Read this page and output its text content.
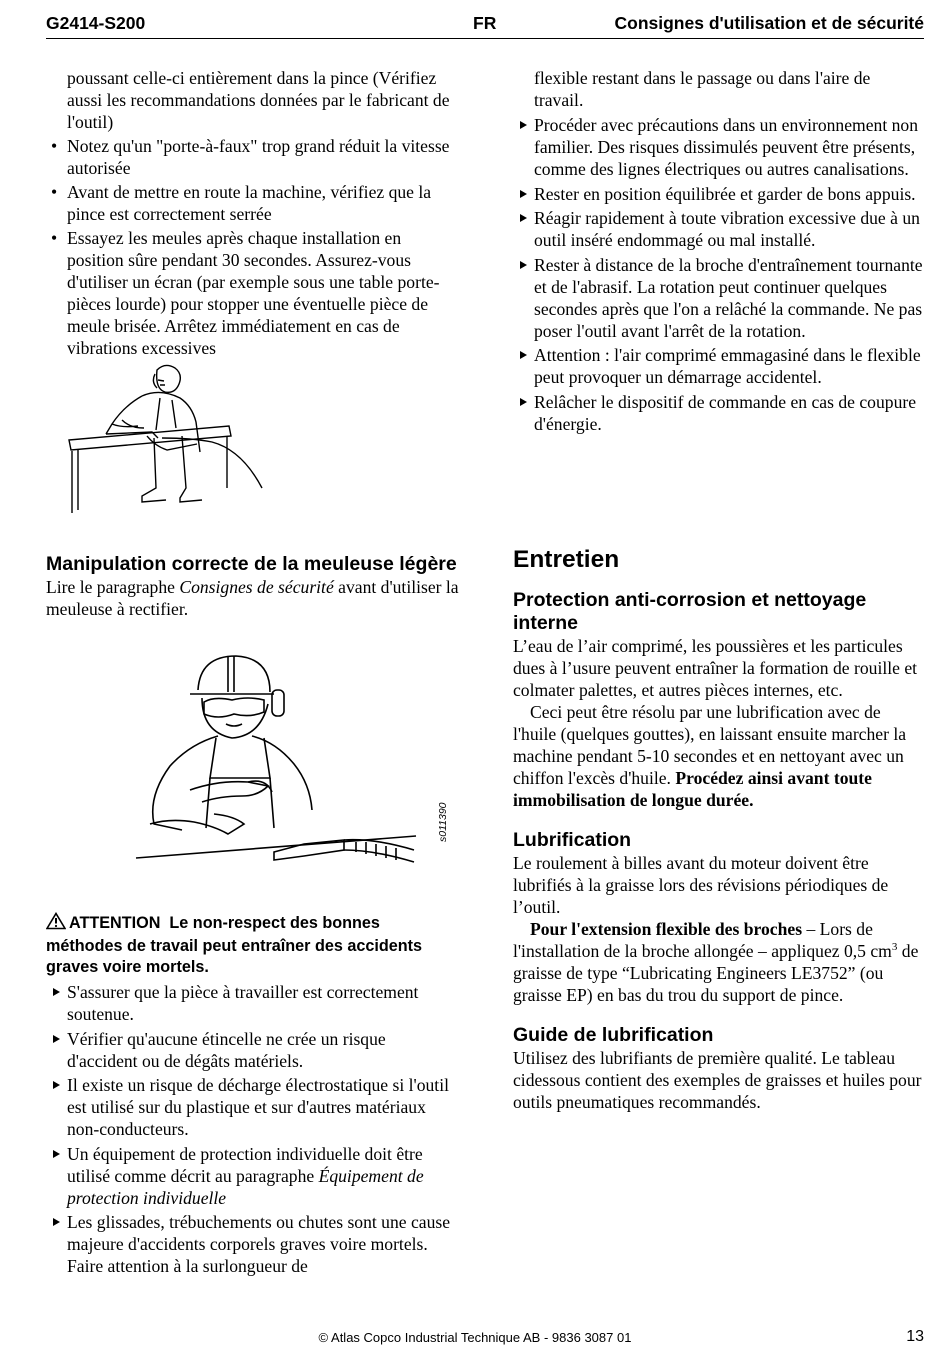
G2414-S200	FR	Consignes d'utilisation et de sécurité

poussant celle-ci entièrement dans la pince (Vérifiez aussi les recommandations données par le fabricant de l'outil)

• Notez qu'un "porte-à-faux" trop grand réduit la vitesse autorisée
• Avant de mettre en route la machine, vérifiez que la pince est correctement serrée
• Essayez les meules après chaque installation en position sûre pendant 30 secondes. Assurez-vous d'utiliser un écran (par exemple sous une table porte-pièces lourde) pour stopper une éventuelle pièce de meule brisée. Arrêtez immédiatement en cas de vibrations excessives

flexible restant dans le passage ou dans l'aire de travail.

Procéder avec précautions dans un environnement non familier. Des risques dissimulés peuvent être présents, comme des lignes électriques ou autres canalisations.
Rester en position équilibrée et garder de bons appuis.
Réagir rapidement à toute vibration excessive due à un outil inséré endommagé ou mal installé.
Rester à distance de la broche d'entraînement tournante et de l'abrasif. La rotation peut continuer quelques secondes après que l'on a relâché la commande. Ne pas poser l'outil avant l'arrêt de la rotation.
Attention : l'air comprimé emmagasiné dans le flexible peut provoquer un démarrage accidentel.
Relâcher le dispositif de commande en cas de coupure d'énergie.
Manipulation correcte de la meuleuse légère

Lire le paragraphe Consignes de sécurité avant d'utiliser la meuleuse à rectifier.

s011390

ATTENTION Le non-respect des bonnes méthodes de travail peut entraîner des accidents graves voire mortels.

S'assurer que la pièce à travailler est correctement soutenue.
Vérifier qu'aucune étincelle ne crée un risque d'accident ou de dégâts matériels.
Il existe un risque de décharge électrostatique si l'outil est utilisé sur du plastique et sur d'autres matériaux non-conducteurs.
Un équipement de protection individuelle doit être utilisé comme décrit au paragraphe Équipement de protection individuelle
Les glissades, trébuchements ou chutes sont une cause majeure d'accidents corporels graves voire mortels. Faire attention à la surlongueur de
Entretien
Protection anti-corrosion et nettoyage interne

L’eau de l’air comprimé, les poussières et les particules dues à l’usure peuvent entraîner la formation de rouille et colmater palettes, et autres pièces internes, etc.

Ceci peut être résolu par une lubrification avec de l'huile (quelques gouttes), en laissant ensuite marcher la machine pendant 5-10 secondes et en nettoyant avec un chiffon l'excès d'huile. Procédez ainsi avant toute immobilisation de longue durée.

Lubrification

Le roulement à billes avant du moteur doivent être lubrifiés à la graisse lors des révisions périodiques de l’outil.

Pour l'extension flexible des broches – Lors de l'installation de la broche allongée – appliquez 0,5 $cm^3$ de graisse de type “Lubricating Engineers LE3752” (ou graisse EP) en bas du trou du support de pince.

Guide de lubrification

Utilisez des lubrifiants de première qualité. Le tableau cidessous contient des exemples de graisses et huiles pour outils pneumatiques recommandés.

© Atlas Copco Industrial Technique AB - 9836 3087 01	13
